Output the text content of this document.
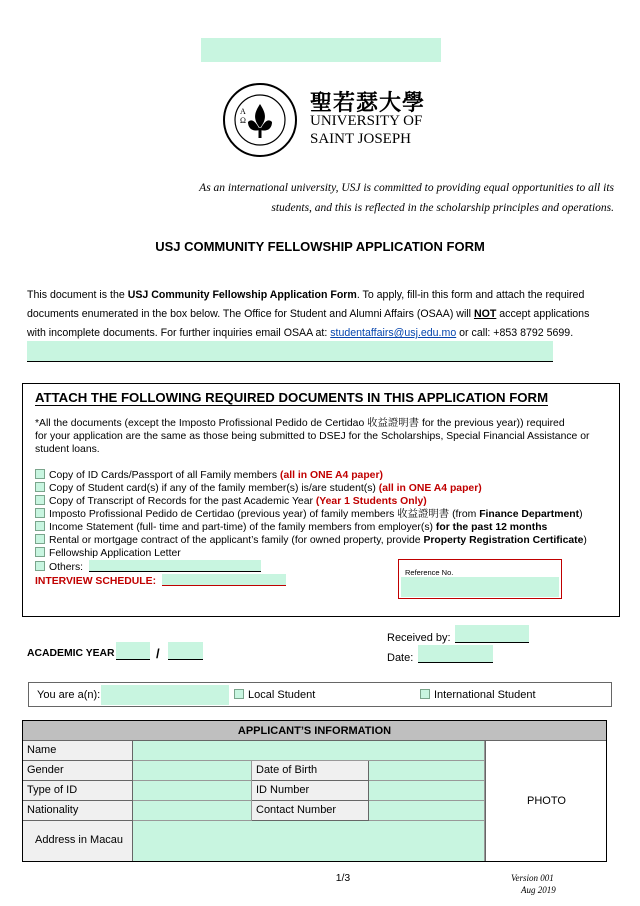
A Ω
聖若瑟大學
UNIVERSITY OF
SAINT JOSEPH
As an international university, USJ is committed to providing equal opportunities to all its
students, and this is reflected in the scholarship principles and operations.
USJ COMMUNITY FELLOWSHIP APPLICATION FORM
This document is the USJ Community Fellowship Application Form. To apply, fill-in this form and attach the required
documents enumerated in the box below. The Office for Student and Alumni Affairs (OSAA) will NOT accept applications
with incomplete documents. For further inquiries email OSAA at: studentaffairs@usj.edu.mo or call: +853 8792 5699.
ATTACH THE FOLLOWING REQUIRED DOCUMENTS IN THIS APPLICATION FORM
*All the documents (except the Imposto Profissional Pedido de Certidao 收益證明書 for the previous year)) required
for your application are the same as those being submitted to DSEJ for the Scholarships, Special Financial Assistance or
student loans.
Copy of ID Cards/Passport of all Family members (all in ONE A4 paper)
Copy of Student card(s) if any of the family member(s) is/are student(s) (all in ONE A4 paper)
Copy of Transcript of Records for the past Academic Year (Year 1 Students Only)
Imposto Profissional Pedido de Certidao (previous year) of family members 收益證明書 (from Finance Department)
Income Statement (full- time and part-time) of the family members from employer(s) for the past 12 months
Rental or mortgage contract of the applicant’s family (for owned property, provide Property Registration Certificate)
Fellowship Application Letter
Others:
INTERVIEW SCHEDULE:
Reference No.
ACADEMIC YEAR	/
Received by:
Date:
You are a(n):	Local Student	International Student
APPLICANT’S INFORMATION
Name
Gender	Date of Birth
Type of ID	ID Number
Nationality	Contact Number
Address in Macau
PHOTO
1/3	Version 001
Aug 2019
